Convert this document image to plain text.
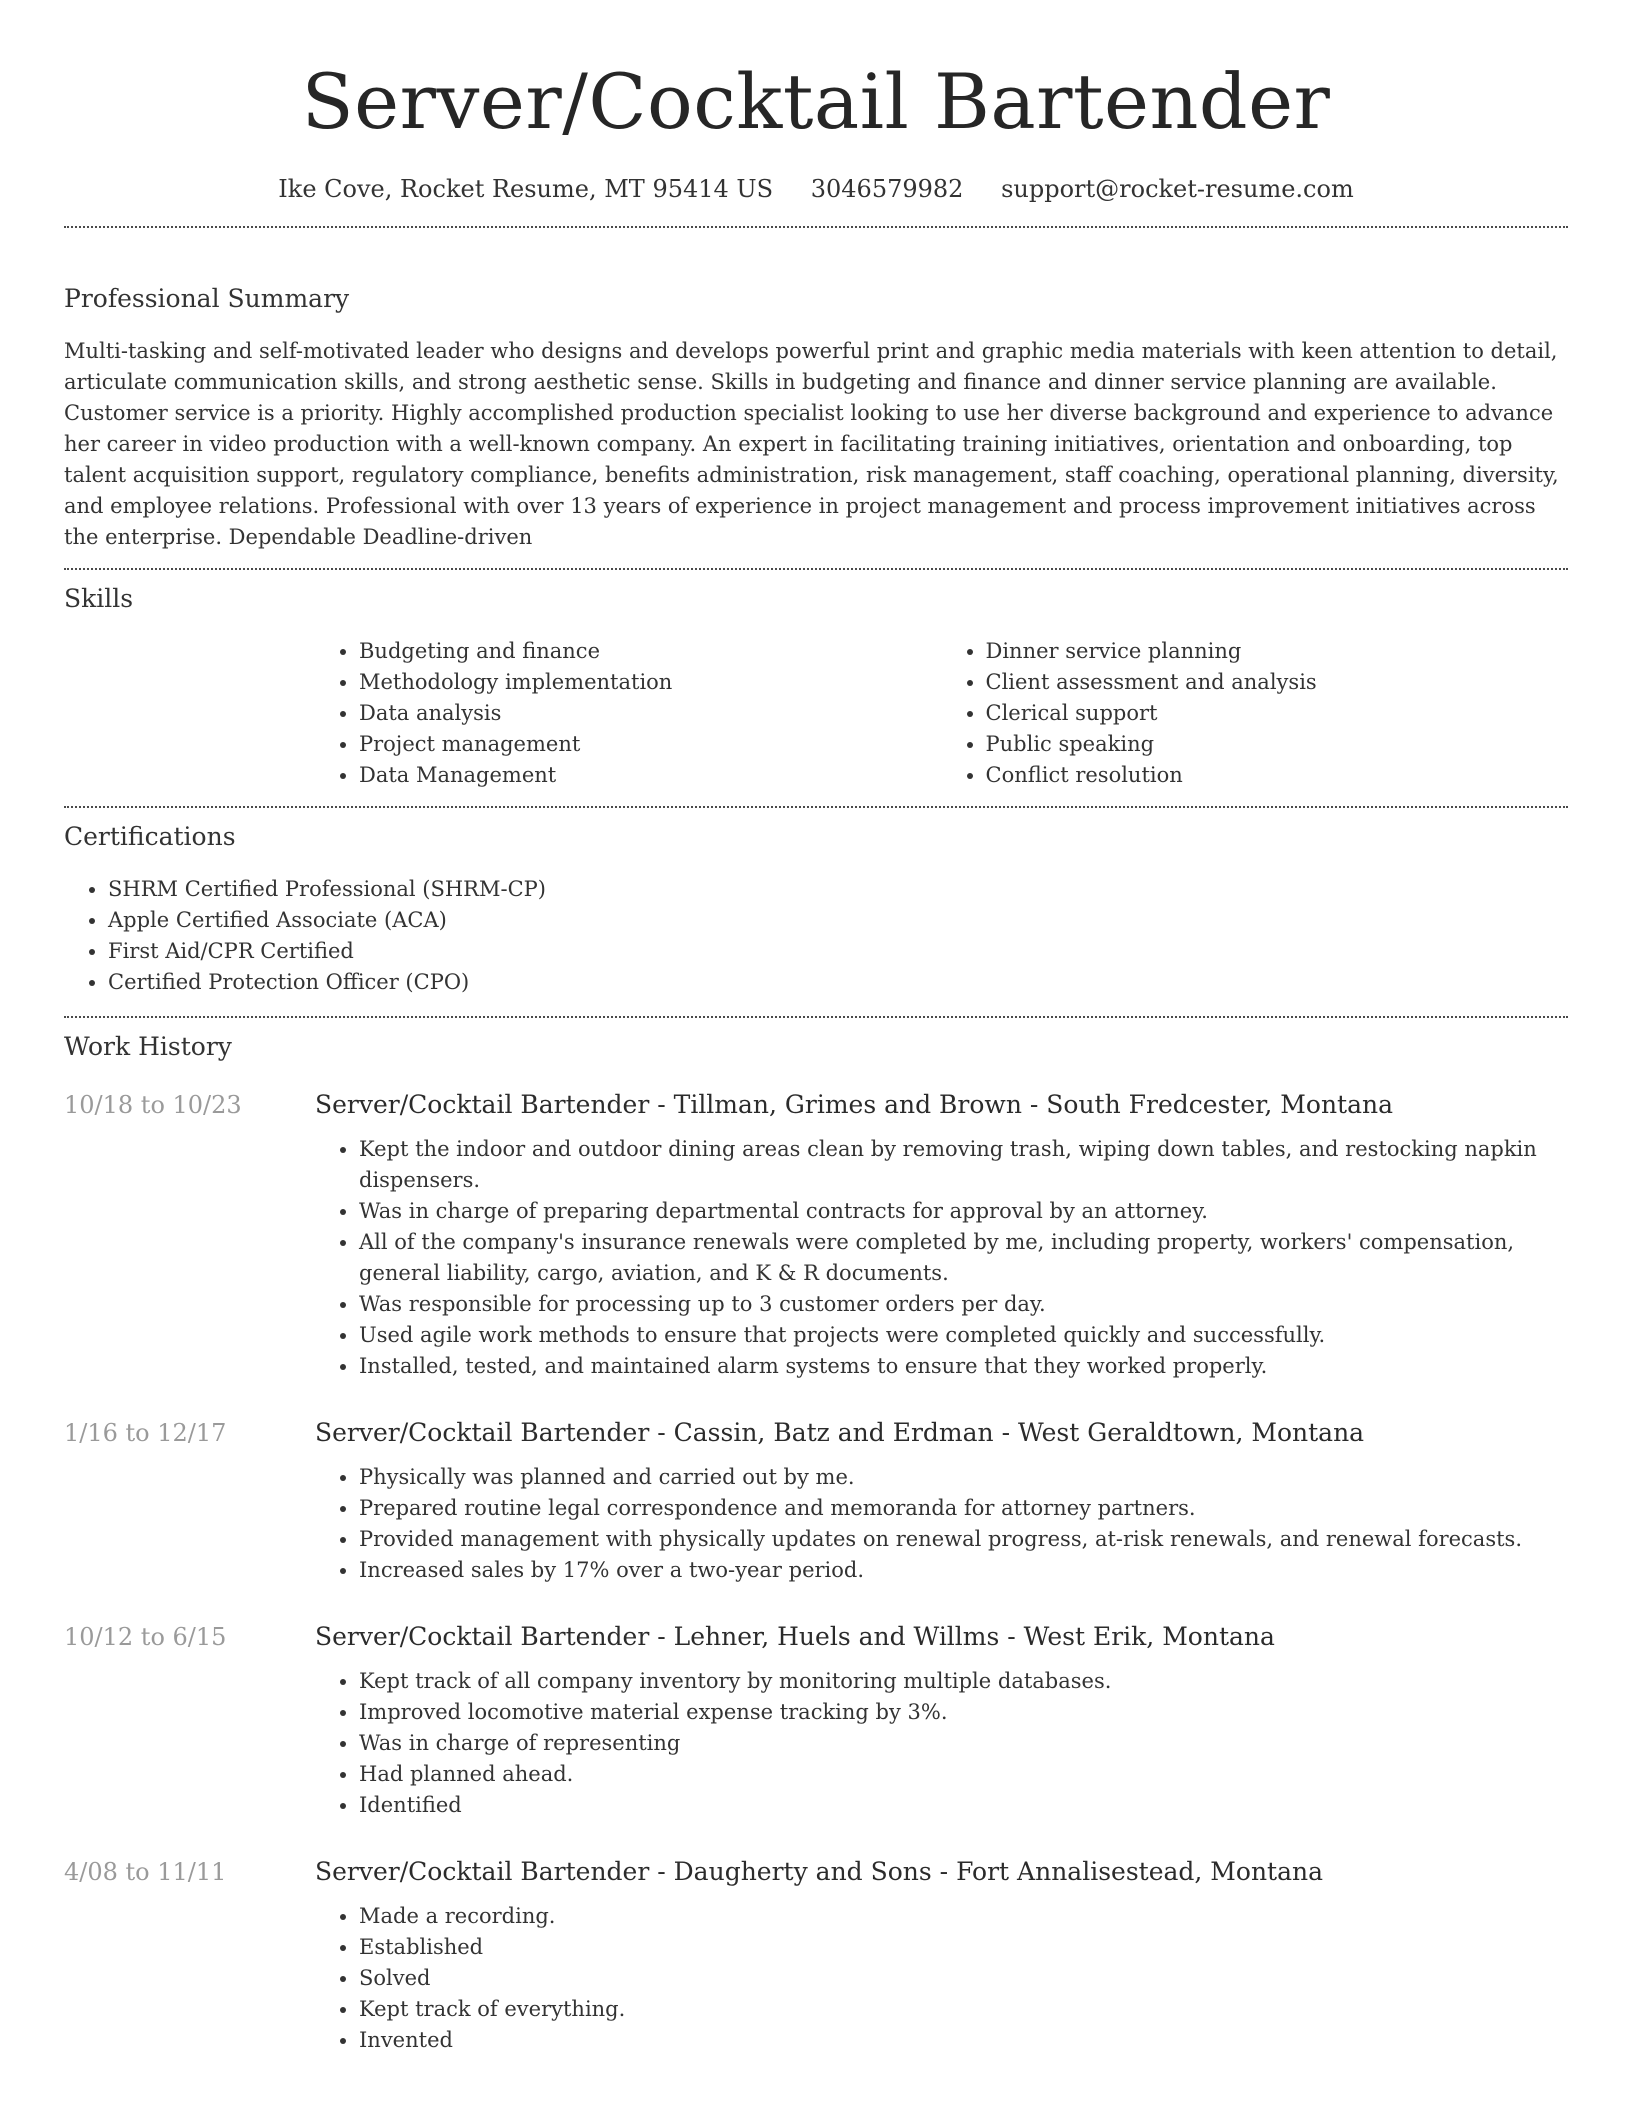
Server/Cocktail Bartender
Ike Cove, Rocket Resume, MT 95414 US 3046579982 support@rocket-resume.com
Professional Summary

Multi-tasking and self-motivated leader who designs and develops powerful print and graphic media materials with keen attention to detail, articulate communication skills, and strong aesthetic sense. Skills in budgeting and finance and dinner service planning are available. Customer service is a priority. Highly accomplished production specialist looking to use her diverse background and experience to advance her career in video production with a well-known company. An expert in facilitating training initiatives, orientation and onboarding, top talent acquisition support, regulatory compliance, benefits administration, risk management, staff coaching, operational planning, diversity, and employee relations. Professional with over 13 years of experience in project management and process improvement initiatives across the enterprise. Dependable Deadline-driven

Skills
• Budgeting and finance
• Methodology implementation
• Data analysis
• Project management
• Data Management
• Dinner service planning
• Client assessment and analysis
• Clerical support
• Public speaking
• Conflict resolution
Certifications
• SHRM Certified Professional (SHRM-CP)
• Apple Certified Associate (ACA)
• First Aid/CPR Certified
• Certified Protection Officer (CPO)
Work History
10/18 to 10/23	Server/Cocktail Bartender - Tillman, Grimes and Brown - South Fredcester, Montana
• Kept the indoor and outdoor dining areas clean by removing trash, wiping down tables, and restocking napkin dispensers.
• Was in charge of preparing departmental contracts for approval by an attorney.
• All of the company's insurance renewals were completed by me, including property, workers' compensation, general liability, cargo, aviation, and K & R documents.
• Was responsible for processing up to 3 customer orders per day.
• Used agile work methods to ensure that projects were completed quickly and successfully.
• Installed, tested, and maintained alarm systems to ensure that they worked properly.
1/16 to 12/17	Server/Cocktail Bartender - Cassin, Batz and Erdman - West Geraldtown, Montana
• Physically was planned and carried out by me.
• Prepared routine legal correspondence and memoranda for attorney partners.
• Provided management with physically updates on renewal progress, at-risk renewals, and renewal forecasts.
• Increased sales by 17% over a two-year period.
10/12 to 6/15	Server/Cocktail Bartender - Lehner, Huels and Willms - West Erik, Montana
• Kept track of all company inventory by monitoring multiple databases.
• Improved locomotive material expense tracking by 3%.
• Was in charge of representing
• Had planned ahead.
• Identified
4/08 to 11/11	Server/Cocktail Bartender - Daugherty and Sons - Fort Annalisestead, Montana
• Made a recording.
• Established
• Solved
• Kept track of everything.
• Invented
